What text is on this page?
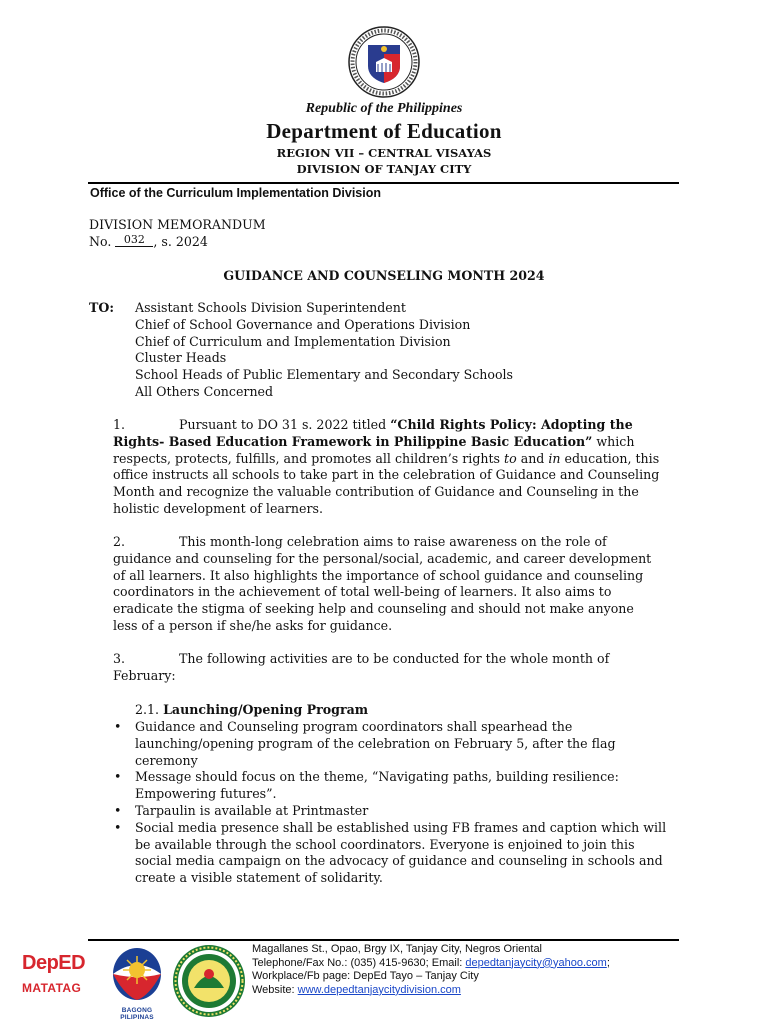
Republic of the Philippines
Department of Education
REGION VII – CENTRAL VISAYAS
DIVISION OF TANJAY CITY
Office of the Curriculum Implementation Division
DIVISION MEMORANDUM
No. 032 , s. 2024
GUIDANCE AND COUNSELING MONTH 2024
TO: Assistant Schools Division Superintendent
Chief of School Governance and Operations Division
Chief of Curriculum and Implementation Division
Cluster Heads
School Heads of Public Elementary and Secondary Schools
All Others Concerned
1.	Pursuant to DO 31 s. 2022 titled “Child Rights Policy: Adopting the Rights- Based Education Framework in Philippine Basic Education” which respects, protects, fulfills, and promotes all children’s rights to and in education, this office instructs all schools to take part in the celebration of Guidance and Counseling Month and recognize the valuable contribution of Guidance and Counseling in the holistic development of learners.
2.	This month-long celebration aims to raise awareness on the role of guidance and counseling for the personal/social, academic, and career development of all learners. It also highlights the importance of school guidance and counseling coordinators in the achievement of total well-being of learners. It also aims to eradicate the stigma of seeking help and counseling and should not make anyone less of a person if she/he asks for guidance.
3.	The following activities are to be conducted for the whole month of February:
2.1. Launching/Opening Program
• Guidance and Counseling program coordinators shall spearhead the launching/opening program of the celebration on February 5, after the flag ceremony
• Message should focus on the theme, “Navigating paths, building resilience: Empowering futures”.
• Tarpaulin is available at Printmaster
• Social media presence shall be established using FB frames and caption which will be available through the school coordinators. Everyone is enjoined to join this social media campaign on the advocacy of guidance and counseling in schools and create a visible statement of solidarity.
DepED
MATATAG
BAGONG PILIPINAS
Magallanes St., Opao, Brgy IX, Tanjay City, Negros Oriental
Telephone/Fax No.: (035) 415-9630; Email: depedtanjaycity@yahoo.com;
Workplace/Fb page: DepEd Tayo – Tanjay City
Website: www.depedtanjaycitydivision.com
